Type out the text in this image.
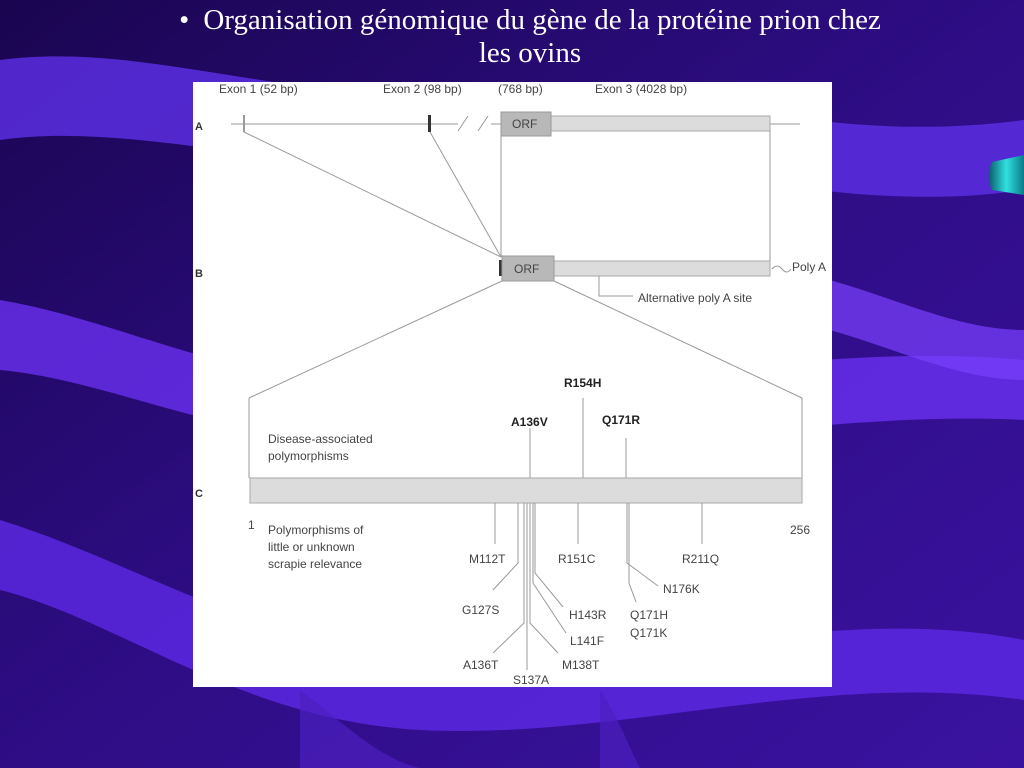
• Organisation génomique du gène de la protéine prion chez
les ovins
A
B
C
Exon 1 (52 bp)	Exon 2 (98 bp)	(768 bp)	Exon 3 (4028 bp)
ORF
ORF	Poly A
Alternative poly A site
1	256
Disease-associated
polymorphisms
R154H
A136V	Q171R
Polymorphisms of
little or unknown
scrapie relevance	M112T	R151C	R211Q
N176K
G127S	H143R Q171H
Q171K
L141F
A136T	M138T
S137A
